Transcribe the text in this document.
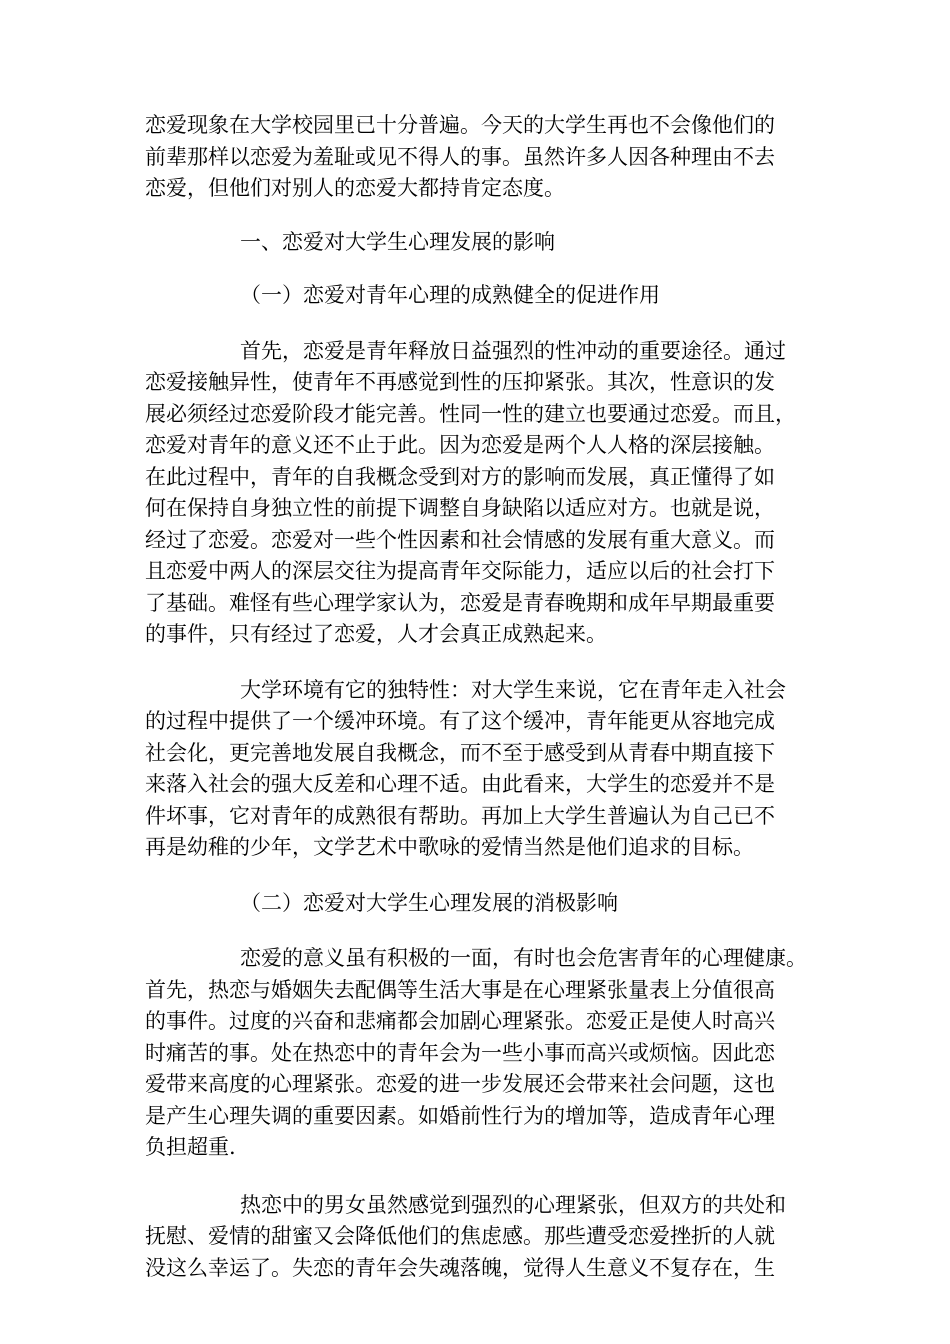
恋爱现象在大学校园里已十分普遍。今天的大学生再也不会像他们的
前辈那样以恋爱为羞耻或见不得人的事。虽然许多人因各种理由不去
恋爱，但他们对别人的恋爱大都持肯定态度。
一、恋爱对大学生心理发展的影响
（一）恋爱对青年心理的成熟健全的促进作用
首先，恋爱是青年释放日益强烈的性冲动的重要途径。通过
恋爱接触异性，使青年不再感觉到性的压抑紧张。其次，性意识的发
展必须经过恋爱阶段才能完善。性同一性的建立也要通过恋爱。而且，
恋爱对青年的意义还不止于此。因为恋爱是两个人人格的深层接触。
在此过程中，青年的自我概念受到对方的影响而发展，真正懂得了如
何在保持自身独立性的前提下调整自身缺陷以适应对方。也就是说，
经过了恋爱。恋爱对一些个性因素和社会情感的发展有重大意义。而
且恋爱中两人的深层交往为提高青年交际能力，适应以后的社会打下
了基础。难怪有些心理学家认为，恋爱是青春晚期和成年早期最重要
的事件，只有经过了恋爱，人才会真正成熟起来。
大学环境有它的独特性：对大学生来说，它在青年走入社会
的过程中提供了一个缓冲环境。有了这个缓冲，青年能更从容地完成
社会化，更完善地发展自我概念，而不至于感受到从青春中期直接下
来落入社会的强大反差和心理不适。由此看来，大学生的恋爱并不是
件坏事，它对青年的成熟很有帮助。再加上大学生普遍认为自己已不
再是幼稚的少年，文学艺术中歌咏的爱情当然是他们追求的目标。
（二）恋爱对大学生心理发展的消极影响
恋爱的意义虽有积极的一面，有时也会危害青年的心理健康。
首先，热恋与婚姻失去配偶等生活大事是在心理紧张量表上分值很高
的事件。过度的兴奋和悲痛都会加剧心理紧张。恋爱正是使人时高兴
时痛苦的事。处在热恋中的青年会为一些小事而高兴或烦恼。因此恋
爱带来高度的心理紧张。恋爱的进一步发展还会带来社会问题，这也
是产生心理失调的重要因素。如婚前性行为的增加等，造成青年心理
负担超重.
热恋中的男女虽然感觉到强烈的心理紧张，但双方的共处和
抚慰、爱情的甜蜜又会降低他们的焦虑感。那些遭受恋爱挫折的人就
没这么幸运了。失恋的青年会失魂落魄，觉得人生意义不复存在，生
